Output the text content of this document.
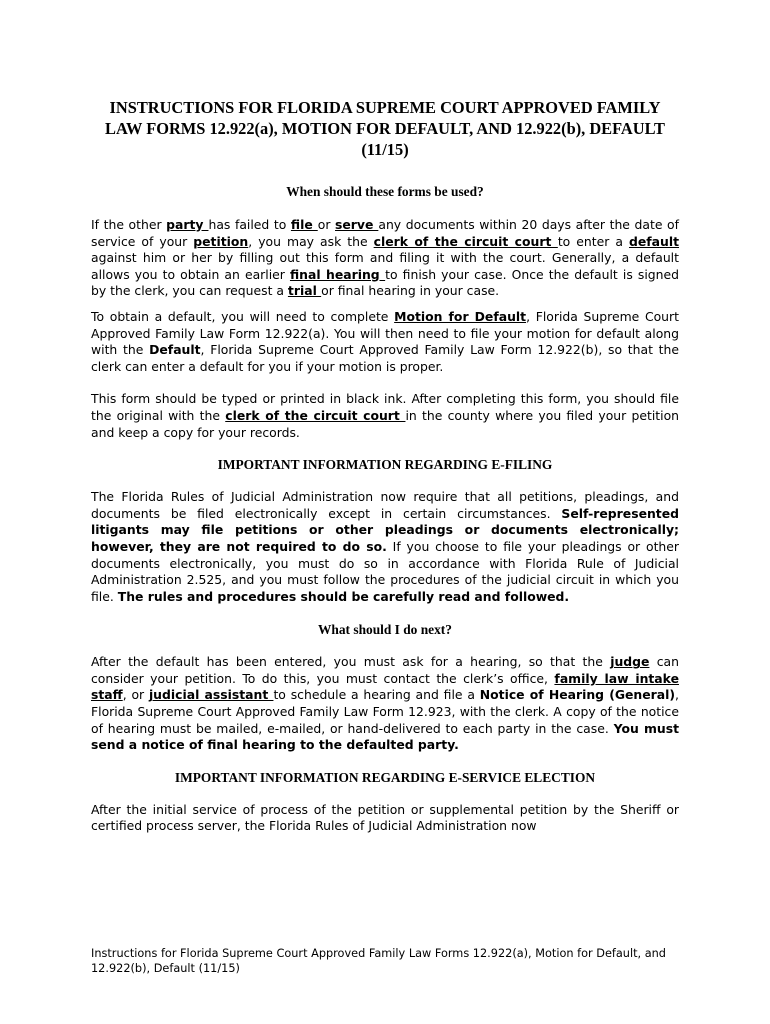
INSTRUCTIONS FOR FLORIDA SUPREME COURT APPROVED FAMILY LAW FORMS 12.922(a), MOTION FOR DEFAULT, AND 12.922(b), DEFAULT (11/15)
When should these forms be used?

If the other party has failed to file or serve any documents within 20 days after the date of service of your petition, you may ask the clerk of the circuit court to enter a default against him or her by filling out this form and filing it with the court. Generally, a default allows you to obtain an earlier final hearing to finish your case. Once the default is signed by the clerk, you can request a trial or final hearing in your case.

To obtain a default, you will need to complete Motion for Default, Florida Supreme Court Approved Family Law Form 12.922(a). You will then need to file your motion for default along with the Default, Florida Supreme Court Approved Family Law Form 12.922(b), so that the clerk can enter a default for you if your motion is proper.

This form should be typed or printed in black ink. After completing this form, you should file the original with the clerk of the circuit court in the county where you filed your petition and keep a copy for your records.

IMPORTANT INFORMATION REGARDING E-FILING

The Florida Rules of Judicial Administration now require that all petitions, pleadings, and documents be filed electronically except in certain circumstances. Self-represented litigants may file petitions or other pleadings or documents electronically; however, they are not required to do so. If you choose to file your pleadings or other documents electronically, you must do so in accordance with Florida Rule of Judicial Administration 2.525, and you must follow the procedures of the judicial circuit in which you file. The rules and procedures should be carefully read and followed.

What should I do next?

After the default has been entered, you must ask for a hearing, so that the judge can consider your petition. To do this, you must contact the clerk’s office, family law intake staff, or judicial assistant to schedule a hearing and file a Notice of Hearing (General), Florida Supreme Court Approved Family Law Form 12.923, with the clerk. A copy of the notice of hearing must be mailed, e-mailed, or hand-delivered to each party in the case. You must send a notice of final hearing to the defaulted party.

IMPORTANT INFORMATION REGARDING E-SERVICE ELECTION

After the initial service of process of the petition or supplemental petition by the Sheriff or certified process server, the Florida Rules of Judicial Administration now

Instructions for Florida Supreme Court Approved Family Law Forms 12.922(a), Motion for Default, and 12.922(b), Default (11/15)
